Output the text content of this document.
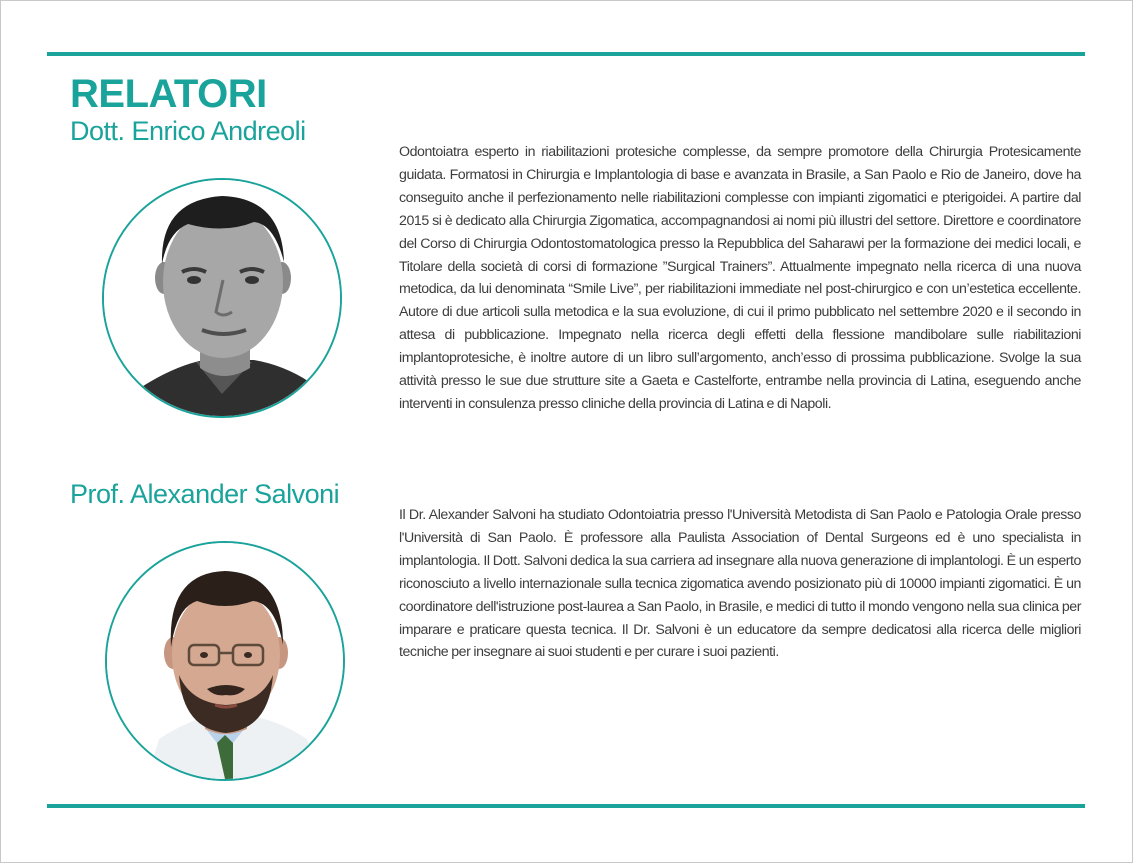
RELATORI
Dott. Enrico Andreoli

Odontoiatra esperto in riabilitazioni protesiche complesse, da sempre promotore della Chirurgia Protesicamente guidata. Formatosi in Chirurgia e Implantologia di base e avanzata in Brasile, a San Paolo e Rio de Janeiro, dove ha conseguito anche il perfezionamento nelle riabilitazioni complesse con impianti zigomatici e pterigoidei. A partire dal 2015 si è dedicato alla Chirurgia Zigomatica, accompagnandosi ai nomi più illustri del settore. Direttore e coordinatore del Corso di Chirurgia Odontostomatologica presso la Repubblica del Saharawi per la formazione dei medici locali, e Titolare della società di corsi di formazione ”Surgical Trainers”. Attualmente impegnato nella ricerca di una nuova metodica, da lui denominata “Smile Live”, per riabilitazioni immediate nel post-chirurgico e con un’estetica eccellente. Autore di due articoli sulla metodica e la sua evoluzione, di cui il primo pubblicato nel settembre 2020 e il secondo in attesa di pubblicazione. Impegnato nella ricerca degli effetti della flessione mandibolare sulle riabilitazioni implantoprotesiche, è inoltre autore di un libro sull’argomento, anch’esso di prossima pubblicazione. Svolge la sua attività presso le sue due strutture site a Gaeta e Castelforte, entrambe nella provincia di Latina, eseguendo anche interventi in consulenza presso cliniche della provincia di Latina e di Napoli.

Prof. Alexander Salvoni

Il Dr. Alexander Salvoni ha studiato Odontoiatria presso l'Università Metodista di San Paolo e Patologia Orale presso l'Università di San Paolo. È professore alla Paulista Association of Dental Surgeons ed è uno specialista in implantologia. Il Dott. Salvoni dedica la sua carriera ad insegnare alla nuova generazione di implantologi. È un esperto riconosciuto a livello internazionale sulla tecnica zigomatica avendo posizionato più di 10000 impianti zigomatici. È un coordinatore dell'istruzione post-laurea a San Paolo, in Brasile, e medici di tutto il mondo vengono nella sua clinica per imparare e praticare questa tecnica. Il Dr. Salvoni è un educatore da sempre dedicatosi alla ricerca delle migliori tecniche per insegnare ai suoi studenti e per curare i suoi pazienti.
